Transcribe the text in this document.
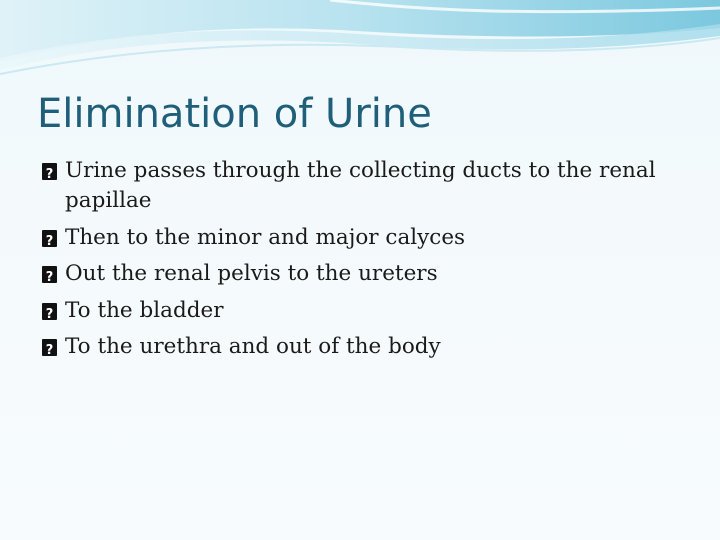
Elimination of Urine
?
Urine passes through the collecting ducts to the renal papillae
?
Then to the minor and major calyces
?
Out the renal pelvis to the ureters
?
To the bladder
?
To the urethra and out of the body
